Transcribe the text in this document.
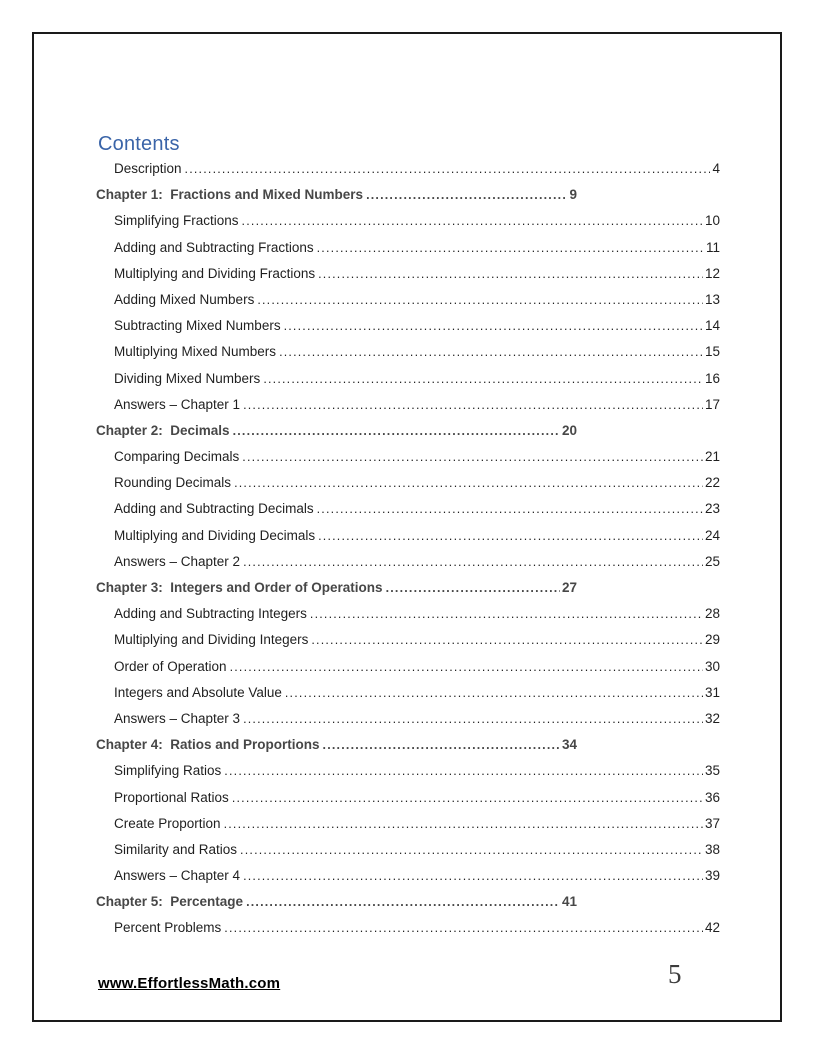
Contents
Description .....	4
Chapter 1:  Fractions and Mixed Numbers .....	9
Simplifying Fractions .....	10
Adding and Subtracting Fractions .....	11
Multiplying and Dividing Fractions .....	12
Adding Mixed Numbers .....	13
Subtracting Mixed Numbers .....	14
Multiplying Mixed Numbers .....	15
Dividing Mixed Numbers .....	16
Answers – Chapter 1 .....	17
Chapter 2:  Decimals .....	20
Comparing Decimals .....	21
Rounding Decimals .....	22
Adding and Subtracting Decimals .....	23
Multiplying and Dividing Decimals .....	24
Answers – Chapter 2 .....	25
Chapter 3:  Integers and Order of Operations .....	27
Adding and Subtracting Integers .....	28
Multiplying and Dividing Integers .....	29
Order of Operation .....	30
Integers and Absolute Value .....	31
Answers – Chapter 3 .....	32
Chapter 4:  Ratios and Proportions .....	34
Simplifying Ratios .....	35
Proportional Ratios .....	36
Create Proportion .....	37
Similarity and Ratios .....	38
Answers – Chapter 4 .....	39
Chapter 5:  Percentage .....	41
Percent Problems .....	42
www.EffortlessMath.com	5
